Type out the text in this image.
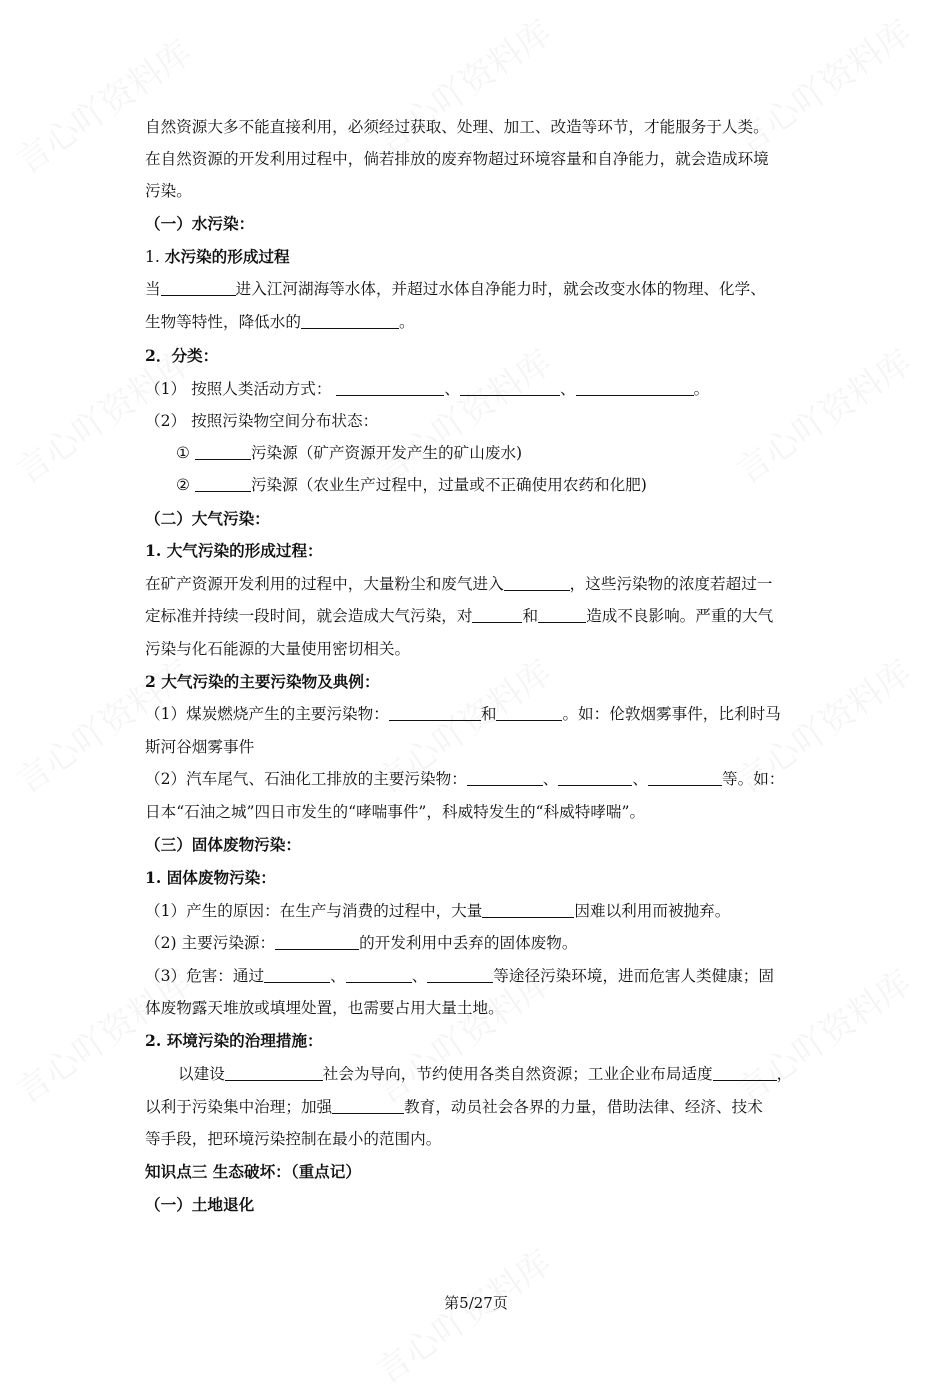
自然资源大多不能直接利用，必须经过获取、处理、加工、改造等环节，才能服务于人类。
在自然资源的开发利用过程中，倘若排放的废弃物超过环境容量和自净能力，就会造成环境
污染。
（一）水污染：
1. 水污染的形成过程
当	进入江河湖海等水体，并超过水体自净能力时，就会改变水体的物理、化学、
生物等特性，降低水的	。
2．分类：
（1） 按照人类活动方式：	、	、	。
（2） 按照污染物空间分布状态：
①	污染源（矿产资源开发产生的矿山废水)
②	污染源（农业生产过程中，过量或不正确使用农药和化肥)
（二）大气污染：
1. 大气污染的形成过程：
在矿产资源开发利用的过程中，大量粉尘和废气进入	，这些污染物的浓度若超过一
定标准并持续一段时间，就会造成大气污染，对	和	造成不良影响。严重的大气
污染与化石能源的大量使用密切相关。
2 大气污染的主要污染物及典例：
（1）煤炭燃烧产生的主要污染物：	和	。如：伦敦烟雾事件，比利时马
斯河谷烟雾事件
（2）汽车尾气、石油化工排放的主要污染物：	、	、	等。如：
日本“石油之城”四日市发生的“哮喘事件”，科威特发生的“科威特哮喘”。
（三）固体废物污染：
1. 固体废物污染：
（1）产生的原因：在生产与消费的过程中，大量	因难以利用而被抛弃。
（2) 主要污染源：	的开发利用中丢弃的固体废物。
（3）危害：通过	、	、	等途径污染环境，进而危害人类健康；固
体废物露天堆放或填埋处置，也需要占用大量土地。
2. 环境污染的治理措施：
以建设	社会为导向，节约使用各类自然资源；工业企业布局适度	，
以利于污染集中治理；加强	教育，动员社会各界的力量，借助法律、经济、技术
等手段，把环境污染控制在最小的范围内。
知识点三 生态破坏：（重点记）
（一）土地退化
第5/27页
